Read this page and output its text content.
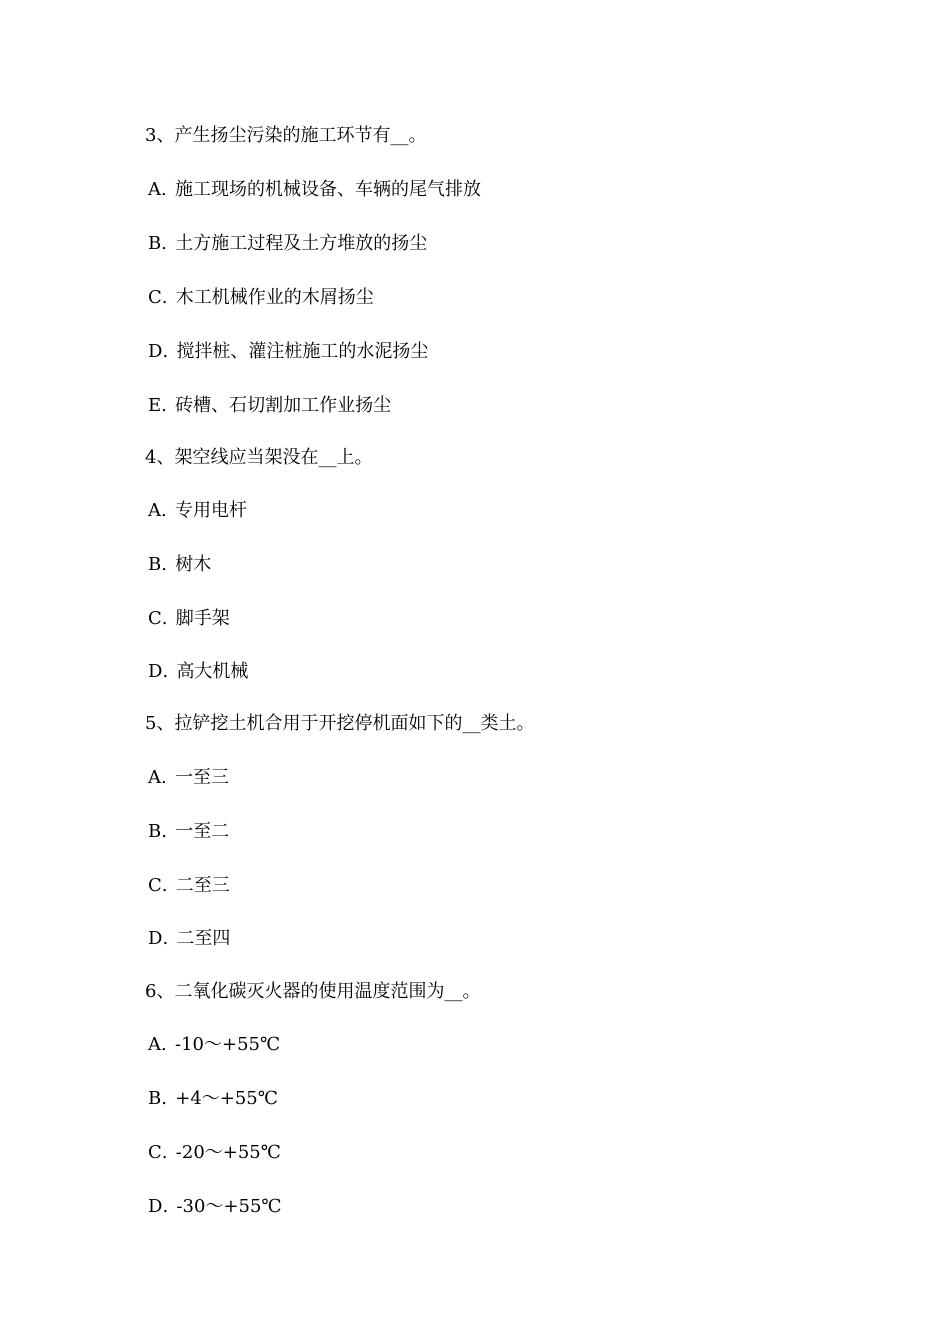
3、产生扬尘污染的施工环节有__。
A. 施工现场的机械设备、车辆的尾气排放
B. 土方施工过程及土方堆放的扬尘
C. 木工机械作业的木屑扬尘
D. 搅拌桩、灌注桩施工的水泥扬尘
E. 砖槽、石切割加工作业扬尘
4、架空线应当架没在__上。
A. 专用电杆
B. 树木
C. 脚手架
D. 高大机械
5、拉铲挖土机合用于开挖停机面如下的__类土。
A. 一至三
B. 一至二
C. 二至三
D. 二至四
6、二氧化碳灭火器的使用温度范围为__。
A. -10～+55℃
B. +4～+55℃
C. -20～+55℃
D. -30～+55℃
